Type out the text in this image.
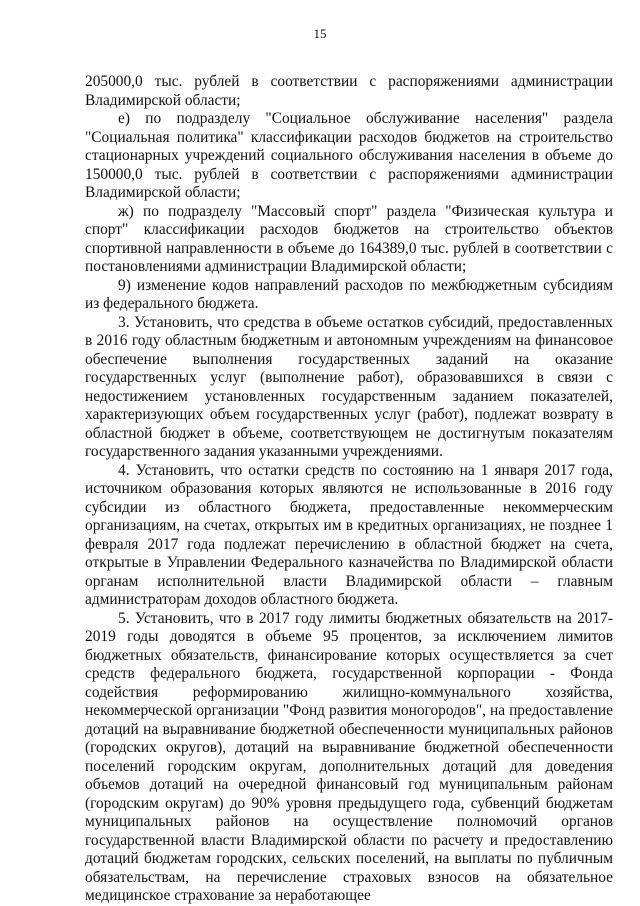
15

205000,0 тыс. рублей в соответствии с распоряжениями администрации Владимирской области;

е) по подразделу "Социальное обслуживание населения" раздела "Социальная политика" классификации расходов бюджетов на строительство стационарных учреждений социального обслуживания населения в объеме до 150000,0 тыс. рублей в соответствии с распоряжениями администрации Владимирской области;

ж) по подразделу "Массовый спорт" раздела "Физическая культура и спорт" классификации расходов бюджетов на строительство объектов спортивной направленности в объеме до 164389,0 тыс. рублей в соответствии с постановлениями администрации Владимирской области;

9) изменение кодов направлений расходов по межбюджетным субсидиям из федерального бюджета.

3. Установить, что средства в объеме остатков субсидий, предоставленных в 2016 году областным бюджетным и автономным учреждениям на финансовое обеспечение выполнения государственных заданий на оказание государственных услуг (выполнение работ), образовавшихся в связи с недостижением установленных государственным заданием показателей, характеризующих объем государственных услуг (работ), подлежат возврату в областной бюджет в объеме, соответствующем не достигнутым показателям государственного задания указанными учреждениями.

4. Установить, что остатки средств по состоянию на 1 января 2017 года, источником образования которых являются не использованные в 2016 году субсидии из областного бюджета, предоставленные некоммерческим организациям, на счетах, открытых им в кредитных организациях, не позднее 1 февраля 2017 года подлежат перечислению в областной бюджет на счета, открытые в Управлении Федерального казначейства по Владимирской области органам исполнительной власти Владимирской области – главным администраторам доходов областного бюджета.

5. Установить, что в 2017 году лимиты бюджетных обязательств на 2017-2019 годы доводятся в объеме 95 процентов, за исключением лимитов бюджетных обязательств, финансирование которых осуществляется за счет средств федерального бюджета, государственной корпорации - Фонда содействия реформированию жилищно-коммунального хозяйства, некоммерческой организации "Фонд развития моногородов", на предоставление дотаций на выравнивание бюджетной обеспеченности муниципальных районов (городских округов), дотаций на выравнивание бюджетной обеспеченности поселений городским округам, дополнительных дотаций для доведения объемов дотаций на очередной финансовый год муниципальным районам (городским округам) до 90% уровня предыдущего года, субвенций бюджетам муниципальных районов на осуществление полномочий органов государственной власти Владимирской области по расчету и предоставлению дотаций бюджетам городских, сельских поселений, на выплаты по публичным обязательствам, на перечисление страховых взносов на обязательное медицинское страхование за неработающее
